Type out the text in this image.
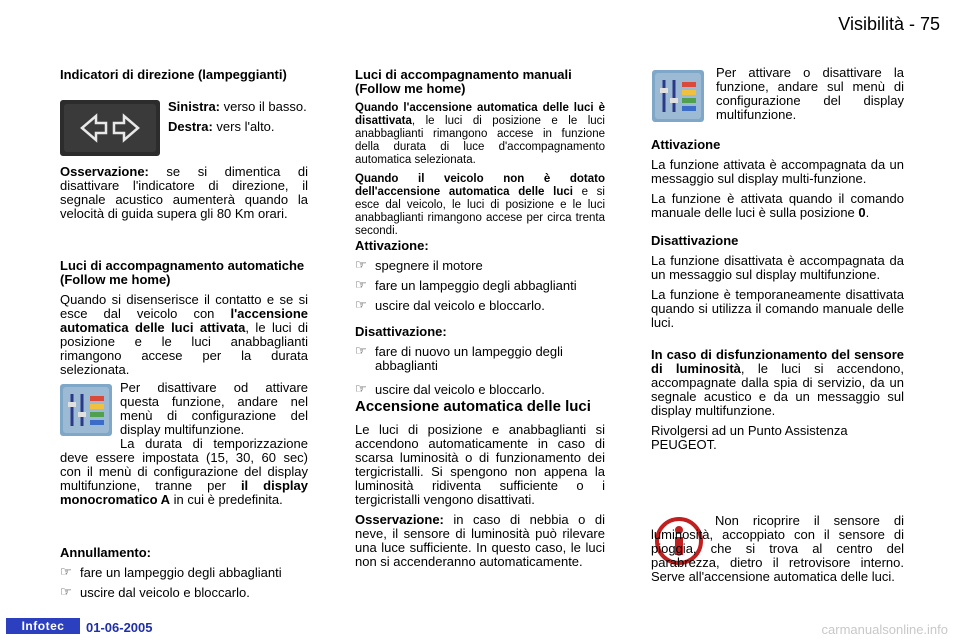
Visibilità - 75
Indicatori di direzione (lampeggianti)

Sinistra: verso il basso.

Destra: vers l'alto.

Osservazione: se si dimentica di disattivare l'indicatore di direzione, il segnale acustico aumenterà quando la velocità di guida supera gli 80 Km orari.

Luci di accompagnamento automatiche (Follow me home)

Quando si disenserisce il contatto e se si esce dal veicolo con l'accensione automatica delle luci attivata, le luci di posizione e le luci anabbaglianti rimangono accese per la durata selezionata.

Per disattivare od attivare questa funzione, andare nel menù di configurazione del display multifunzione.

La durata di temporizzazione deve essere impostata (15, 30, 60 sec) con il menù di configurazione del display multifunzione, tranne per il display monocromatico A in cui è predefinita.

Annullamento:
☞ fare un lampeggio degli abbaglianti
☞ uscire dal veicolo e bloccarlo.
Luci di accompagnamento manuali (Follow me home)

Quando l'accensione automatica delle luci è disattivata, le luci di posizione e le luci anabbaglianti rimangono accese in funzione della durata di luce d'accompagnamento automatica selezionata.

Quando il veicolo non è dotato dell'accensione automatica delle luci e si esce dal veicolo, le luci di posizione e le luci anabbaglianti rimangono accese per circa trenta secondi.

Attivazione:
☞ spegnere il motore
☞ fare un lampeggio degli abbaglianti
☞ uscire dal veicolo e bloccarlo.
Disattivazione:
☞ fare di nuovo un lampeggio degli abbaglianti
☞ uscire dal veicolo e bloccarlo.
Accensione automatica delle luci

Le luci di posizione e anabbaglianti si accendono automaticamente in caso di scarsa luminosità o di funzionamento dei tergicristalli. Si spengono non appena la luminosità ridiventa sufficiente o i tergicristalli vengono disattivati.

Osservazione: in caso di nebbia o di neve, il sensore di luminosità può rilevare una luce sufficiente. In questo caso, le luci non si accenderanno automaticamente.

Per attivare o disattivare la funzione, andare sul menù di configurazione del display multifunzione.

Attivazione

La funzione attivata è accompagnata da un messaggio sul display multi-funzione.

La funzione è attivata quando il comando manuale delle luci è sulla posizione 0.

Disattivazione

La funzione disattivata è accompagnata da un messaggio sul display multifunzione.

La funzione è temporaneamente disattivata quando si utilizza il comando manuale delle luci.

In caso di disfunzionamento del sensore di luminosità, le luci si accendono, accompagnate dalla spia di servizio, da un segnale acustico e da un messaggio sul display multifunzione.

Rivolgersi ad un Punto Assistenza PEUGEOT.

Non ricoprire il sensore di luminosità, accoppiato con il sensore di pioggia, che si trova al centro del parabrezza, dietro il retrovisore interno. Serve all'accensione automatica delle luci.

Infotec	01-06-2005	carmanualsonline.info
